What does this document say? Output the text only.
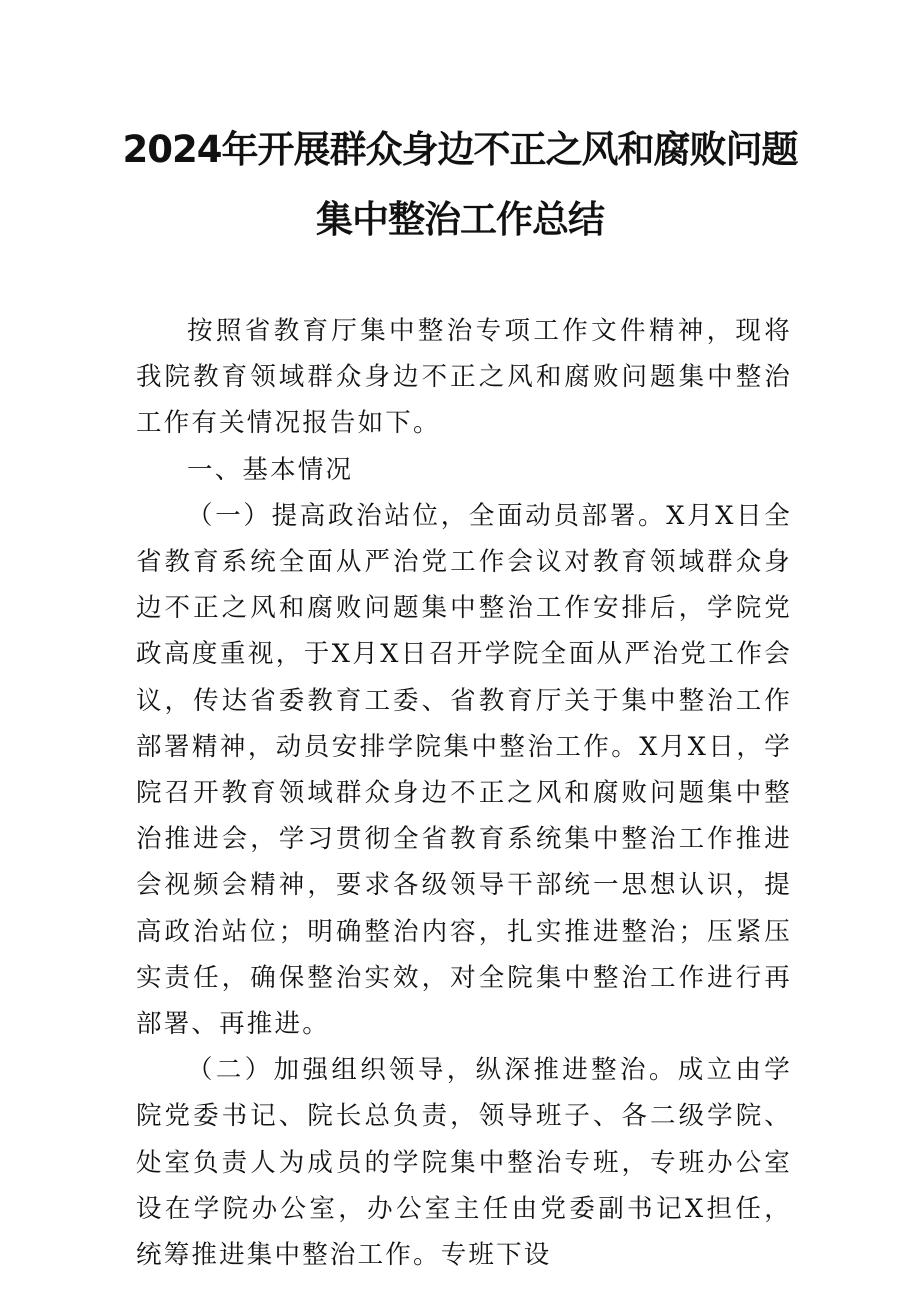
2024年开展群众身边不正之风和腐败问题
集中整治工作总结

按照省教育厅集中整治专项工作文件精神，现将我院教育领域群众身边不正之风和腐败问题集中整治工作有关情况报告如下。

一、基本情况

（一）提高政治站位，全面动员部署。X月X日全省教育系统全面从严治党工作会议对教育领域群众身边不正之风和腐败问题集中整治工作安排后，学院党政高度重视，于X月X日召开学院全面从严治党工作会议，传达省委教育工委、省教育厅关于集中整治工作部署精神，动员安排学院集中整治工作。X月X日，学院召开教育领域群众身边不正之风和腐败问题集中整治推进会，学习贯彻全省教育系统集中整治工作推进会视频会精神，要求各级领导干部统一思想认识，提高政治站位；明确整治内容，扎实推进整治；压紧压实责任，确保整治实效，对全院集中整治工作进行再部署、再推进。

（二）加强组织领导，纵深推进整治。成立由学院党委书记、院长总负责，领导班子、各二级学院、处室负责人为成员的学院集中整治专班，专班办公室设在学院办公室，办公室主任由党委副书记X担任，统筹推进集中整治工作。专班下设
